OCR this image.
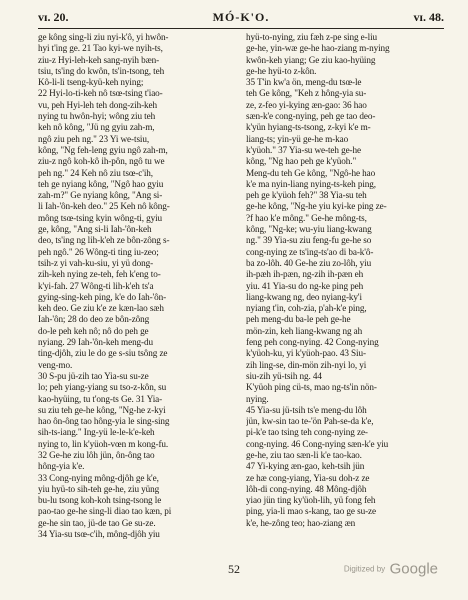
vɪ. 20.	MÓ-K'O.	vɪ. 48.
ge kông sing-li ziu nyi-k'ô, yi hwôn-
hyi t'ing ge. 21 Tao kyi-we nyih-ts,
ziu-z Hyi-leh-keh sang-nyih bæn-
tsiu, ts'ing do kwôn, ts'in-tsong, teh
Kô-li-li tseng-kyü-keh nying;
22 Hyi-lo-ti-keh nô tsœ-tsing t'iao-
vu, peh Hyi-leh teh dong-zih-keh
nying tu hwôn-hyi; wông ziu teh
keh nô kông, "Jü ng gyiu zah-m,
ngô ziu peh ng." 23 Yi we-tsiu,
kông, "Ng feh-leng gyiu ngô zah-m,
ziu-z ngô koh-kô ih-pôn, ngô tu we
peh ng." 24 Keh nô ziu tsœ-c'ih,
teh ge nyiang kông, "Ngô hao gyiu
zah-m?" Ge nyiang kông, "Ang si-
li Iah-'ôn-keh deo." 25 Keh nô kông-
mông tsœ-tsing kyin wông-ti, gyiu
ge, kông, "Ang si-li Iah-'ôn-keh
deo, ts'ing ng lih-k'eh ze bôn-zông s-
peh ngô." 26 Wông-ti ting iu-zeo;
tsih-z yi vah-ku-siu, yi yü dong-
zih-keh nying ze-teh, feh k'eng to-
k'yi-fah. 27 Wông-ti lih-k'eh ts'a
gying-sing-keh ping, k'e do Iah-'ôn-
keh deo. Ge ziu k'e ze kæn-lao sæh
Iah-'ôn; 28 do deo ze bôn-zông
do-le peh keh nô; nô do peh ge
nyiang. 29 Iah-'ôn-keh meng-du
ting-djôh, ziu le do ge s-siu tsông ze
veng-mo.
30 S-pu jü-zih tao Yia-su su-ze
lo; peh yiang-yiang su tso-z-kôn, su
kao-hyüing, tu t'ong-ts Ge. 31 Yia-
su ziu teh ge-he kông, "Ng-he z-kyi
hao ôn-ông tao hông-yia le sing-sing
sih-ts-iang." Ing-yü le-le-k'e-keh
nying to, lin k'yüoh-vœn m kong-fu.
32 Ge-he ziu lôh jün, ôn-ông tao
hông-yia k'e.
33 Cong-nying mông-djôh ge k'e,
yiu hyü-to sih-teh ge-he, ziu yüng
bu-lu tsong koh-koh tsing-tsong le
pao-tao ge-he sing-li diao tao kæn, pi
ge-he sin tao, jü-de tao Ge su-ze.
34 Yia-su tsœ-c'ih, mông-djôh yiu
hyü-to-nying, ziu fæh z-pe sing e-liu
ge-he, yin-wæ ge-he hao-ziang m-nying
kwôn-keh yiang; Ge ziu kao-hyüing
ge-he hyü-to z-kôn.
35 T'in kw'a ön, meng-du tsœ-le
teh Ge kông, "Keh z hông-yia su-
ze, z-feo yi-kying æn-gao: 36 hao
sæn-k'e cong-nying, peh ge tao deo-
k'yün hyiang-ts-tsong, z-kyi k'e m-
liang-ts; yin-yü ge-he m-kao
k'yüoh." 37 Yia-su we-teh ge-he
kông, "Ng hao peh ge k'yüoh."
Meng-du teh Ge kông, "Ngô-he hao
k'e ma nyin-liang nying-ts-keh ping,
peh ge k'yüoh feh?" 38 Yia-su teh
ge-he kông, "Ng-he yiu kyi-ke ping ze-
?f hao k'e mông." Ge-he mông-ts,
kông, "Ng-ke; wu-yiu liang-kwang
ng." 39 Yia-su ziu feng-fu ge-he so
cong-nying ze ts'ing-ts'ao di ba-k'ô-
ba zo-lôh. 40 Ge-he ziu zo-lôh, yiu
ih-pæh ih-pæn, ng-zih ih-pæn eh
yiu. 41 Yia-su do ng-ke ping peh
liang-kwang ng, deo nyiang-ky'i
nyiang t'in, coh-zia, p'ah-k'e ping,
peh meng-du ba-le peh ge-he
mön-zin, keh liang-kwang ng ah
feng peh cong-nying. 42 Cong-nying
k'yüoh-ku, yi k'yüoh-pao. 43 Siu-
zih ling-se, din-mön zih-nyi lo, yi
siu-zih yü-tsih ng. 44
K'yüoh ping cü-ts, mao ng-ts'in nön-
nying.
45 Yia-su jü-tsih ts'e meng-du lôh
jün, kw-sin tao te-'ön Pah-se-da k'e,
pi-k'e tao tsing teh cong-nying ze-
cong-nying. 46 Cong-nying sæn-k'e yiu
ge-he, ziu tao sæn-li k'e tao-kao.
47 Yi-kying æn-gao, keh-tsih jün
ze hæ cong-yiang, Yia-su doh-z ze
lôh-di cong-nying. 48 Mông-djôh
yiao jün ting ky'üoh-lih, yü fong feh
ping, yia-li mao s-kang, tao ge su-ze
k'e, he-zông teo; hao-ziang æn
52	Digitized by Google
